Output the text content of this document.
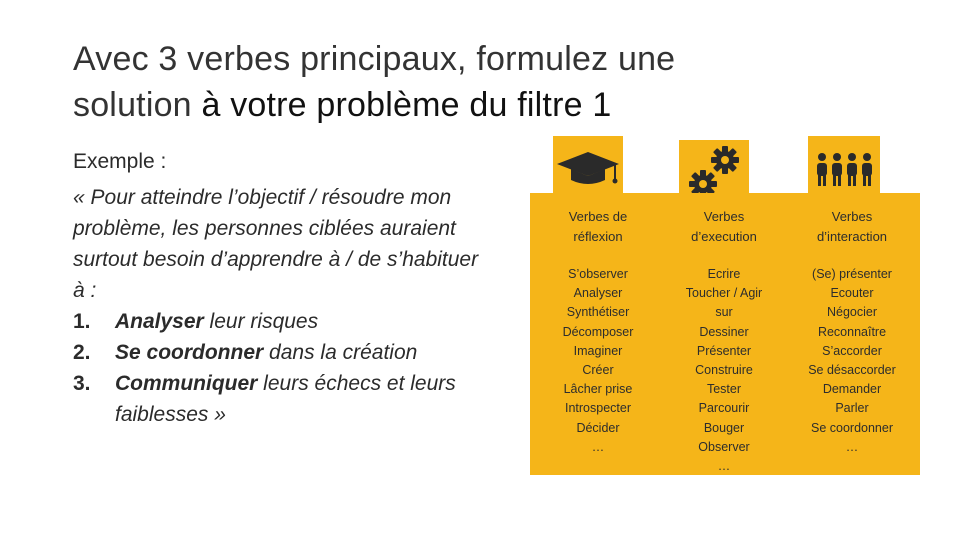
Avec 3 verbes principaux, formulez une
solution à votre problème du filtre 1
Exemple :
« Pour atteindre l’objectif / résoudre mon problème, les personnes ciblées auraient surtout besoin d’apprendre à / de s’habituer à :
1.	Analyser leur risques
2.	Se coordonner dans la création
3.	Communiquer leurs échecs et leurs faiblesses »
Verbes de
réflexion
S’observer
Analyser
Synthétiser
Décomposer
Imaginer
Créer
Lâcher prise
Introspecter
Décider
…
Verbes
d’execution
Ecrire
Toucher / Agir
sur
Dessiner
Présenter
Construire
Tester
Parcourir
Bouger
Observer
…
Verbes
d’interaction
(Se) présenter
Ecouter
Négocier
Reconnaître
S’accorder
Se désaccorder
Demander
Parler
Se coordonner
…
